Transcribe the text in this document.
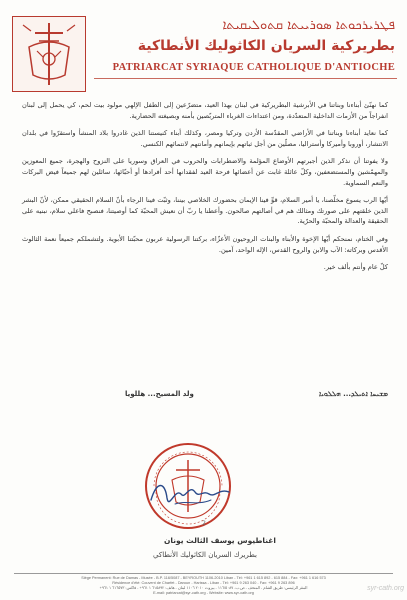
ܦܛܪܝܪܟܘܬܐ ܣܘܪܝܝܬܐ ܩܬܘܠܝܩܝܬܐ
بطريركية السريان الكاثوليك الأنطاكية
PATRIARCAT SYRIAQUE CATHOLIQUE D'ANTIOCHE

كما نهنّئ أبناءنا وبناتنا في الأبرشية البطريركية في لبنان بهذا العيد، متضرّعين إلى الطفل الإلهي مولود بيت لحم، كي يحمل إلى لبنان انفراجاً من الأزمات الداخلية المتعدّدة، ومن اعتداءات الغرباء المتربّصين بأمنه وبصيغته الحضارية.

كما نعايد أبناءنا وبناتنا في الأراضي المقدّسة الأردن وتركيا ومصر، وكذلك أبناء كنيستنا الذين غادروا بلاد المنشأ واستقرّوا في بلدان الانتشار، أوروبا وأميركا وأستراليا، مصلّين من أجل ثباتهم بإيمانهم وأمانتهم لانتمائهم الكنسي.

ولا يفوتنا أن نذكر الذين أجبرتهم الأوضاع المؤلمة والاضطرابات والحروب في العراق وسوريا على النزوح والهجرة، جميع المعوزين والمهمّشين والمستضعفين، وكلّ عائلة غابت عن أعضائها فرحة العيد لفقدانها أحد أفرادها أو أحبّائها، سائلين لهم جميعاً فيض البركات والنعم السماوية.

أيّها الرب يسوع مخلّصنا، يا أمير السلام، قوِّ فينا الإيمان بحضورك الخلاصي بيننا، وثبّت فينا الرجاء بأنّ السلام الحقيقي ممكن، لأنّ البشر الذين خلقتهم على صورتك ومثالك هم في أصالتهم صالحون. وأعطنا يا ربّ أن نعيش المحبّة كما أوصيتنا، فنصبح فاعلي سلام، نبنيه على الحقيقة والعدالة والمحبّة والحرّية.

وفي الختام، نمنحكم أيّها الإخوة والأبناء والبنات الروحيون الأعزّاء، بركتنا الرسولية عربون محبّتنا الأبوية. ولتشملكم جميعاً نعمة الثالوث الأقدس وبركاته: الآب والابن والروح القدس، الإله الواحد، آمين.

كلّ عام وأنتم بألف خير.

ܡܫܝܚܐ ܐܬܝܠܕ... ܗܠܠܘܝܐ
ولد المسيح... هللويا
2
اغناطيوس يوسف الثالث يونان
بطريرك السريان الكاثوليك الأنطاكي
Siège Permanent: Rue de Damas - Musée - B.P. 116/5087 - BEYROUTH 1106-2010 Liban - Tél: +961 1 615 892 - 615 884 - Fax: +961 1 616 573
Résidence d'été: Couvent de Charfet - Daroun - Harissa - Liban - Tél: +961 9 263 040 - Fax: +961 9 263 896
المقر الرئيسي: طريق الشام - المتحف - ص.ب. ١١٦/٥٠٨٧ - بيروت ٢٠١٠ ١١٠٦ لبنان - هاتف: ٦١٥٨٩٢ ١ ٩٦١+ - فاكس: ٦١٦٥٧٣ ١ ٩٦١+
E-mail: patriarcat@syr-cath.org - Website: www.syr-cath.org
syr-cath.org
